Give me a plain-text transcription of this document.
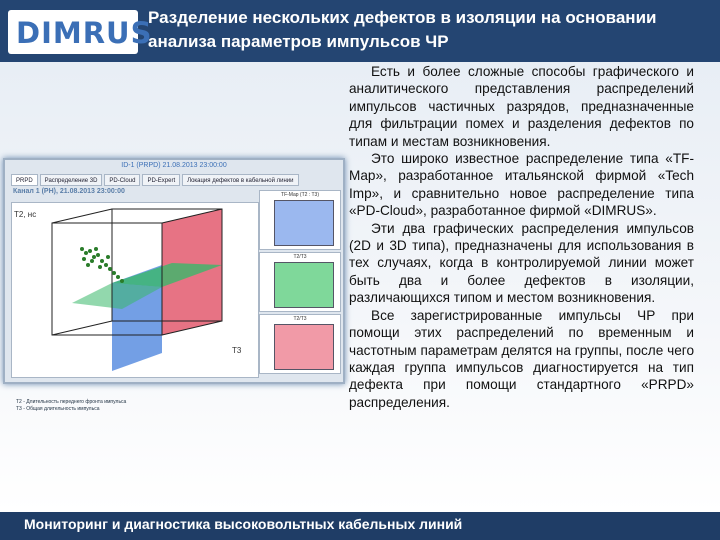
DIMRUS
Разделение нескольких дефектов в изоляции на основании анализа параметров импульсов ЧР
ID-1 (PRPD) 21.08.2013 23:00:00
PRPD	Распределение 3D	PD-Cloud	PD-Expert	Локация дефектов в кабельной линии
Канал 1 (РН), 21.08.2013 23:00:00
T2, нс
T3
T2 - Длительность переднего фронта импульса
T3 - Общая длительность импульса
TF-Map (T2 : T3)
T2/T3
T2/T3

Есть и более сложные способы графического и аналитического представления распределений импульсов частичных разрядов, предназначенные для фильтрации помех и разделения дефектов по типам и местам возникновения.

Это широко известное распределение типа «TF-Map», разработанное итальянской фирмой «Tech Imp», и сравнительно новое распределение типа «PD-Cloud», разработанное фирмой «DIMRUS».

Эти два графических распределения импульсов (2D и 3D типа), предназначены для использования в тех случаях, когда в контролируемой линии может быть два и более дефектов в изоляции, различающихся типом и местом возникновения.

Все зарегистрированные импульсы ЧР при помощи этих распределений по временным и частотным параметрам делятся на группы, после чего каждая группа импульсов диагностируется на тип дефекта при помощи стандартного «PRPD» распределения.

Мониторинг и диагностика высоковольтных кабельных линий
